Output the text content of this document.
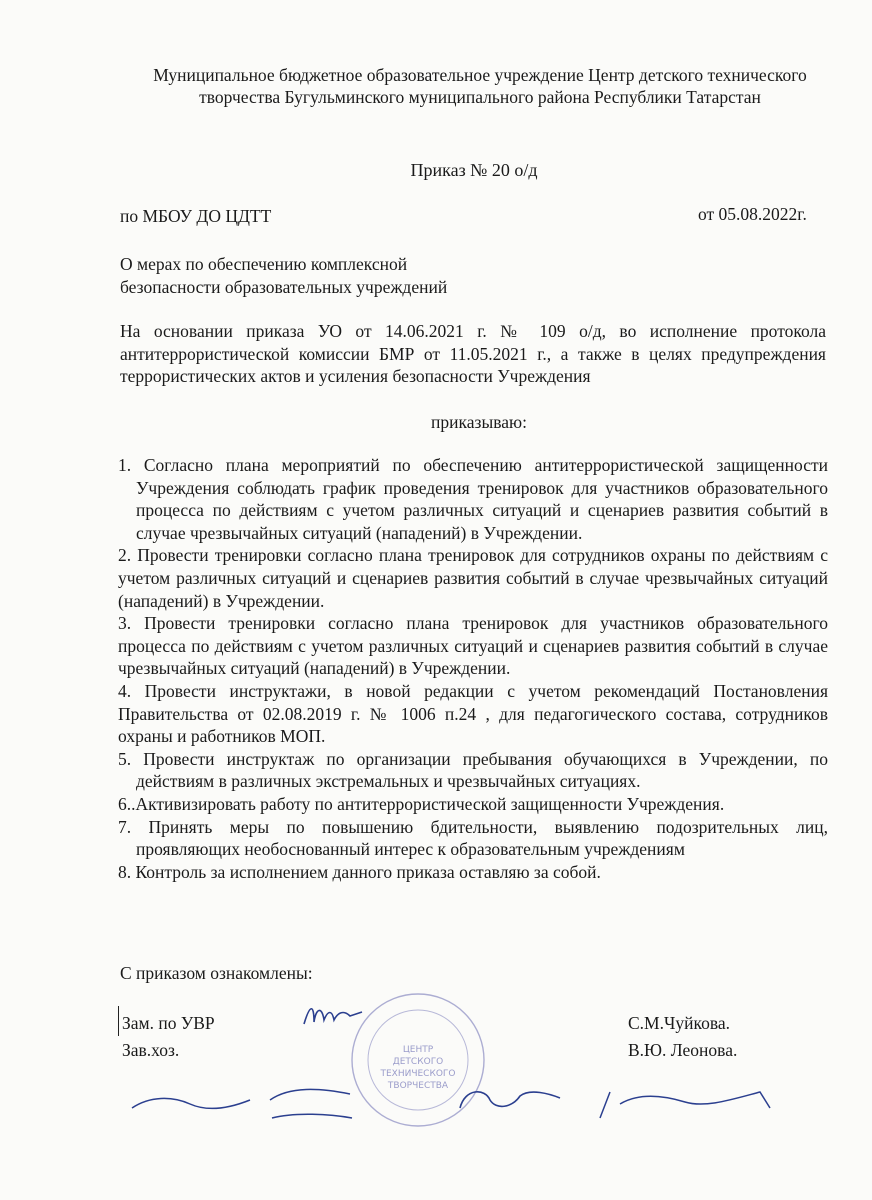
Муниципальное бюджетное образовательное учреждение Центр детского технического творчества Бугульминского муниципального района Республики Татарстан
Приказ № 20 о/д
по МБОУ ДО ЦДТТ	от 05.08.2022г.
О мерах по обеспечению комплексной
безопасности образовательных учреждений
На основании приказа УО от 14.06.2021 г. № 109 о/д, во исполнение протокола антитеррористической комиссии БМР от 11.05.2021 г., а также в целях предупреждения террористических актов и усиления безопасности Учреждения
приказываю:
1. Согласно плана мероприятий по обеспечению антитеррористической защищенности Учреждения соблюдать график проведения тренировок для участников образовательного процесса по действиям с учетом различных ситуаций и сценариев развития событий в случае чрезвычайных ситуаций (нападений) в Учреждении.
2. Провести тренировки согласно плана тренировок для сотрудников охраны по действиям с учетом различных ситуаций и сценариев развития событий в случае чрезвычайных ситуаций (нападений) в Учреждении.
3. Провести тренировки согласно плана тренировок для участников образовательного процесса по действиям с учетом различных ситуаций и сценариев развития событий в случае чрезвычайных ситуаций (нападений) в Учреждении.
4. Провести инструктажи, в новой редакции с учетом рекомендаций Постановления Правительства от 02.08.2019 г. № 1006 п.24 , для педагогического состава, сотрудников охраны и работников МОП.
5. Провести инструктаж по организации пребывания обучающихся в Учреждении, по действиям в различных экстремальных и чрезвычайных ситуациях.
6..Активизировать работу по антитеррористической защищенности Учреждения.
7. Принять меры по повышению бдительности, выявлению подозрительных лиц, проявляющих необоснованный интерес к образовательным учреждениям
8. Контроль за исполнением данного приказа оставляю за собой.
С приказом ознакомлены:
Зам. по УВР
Зав.хоз.
С.М.Чуйкова.
В.Ю. Леонова.
ЦЕНТР
ДЕТСКОГО
ТЕХНИЧЕСКОГО
ТВОРЧЕСТВА
